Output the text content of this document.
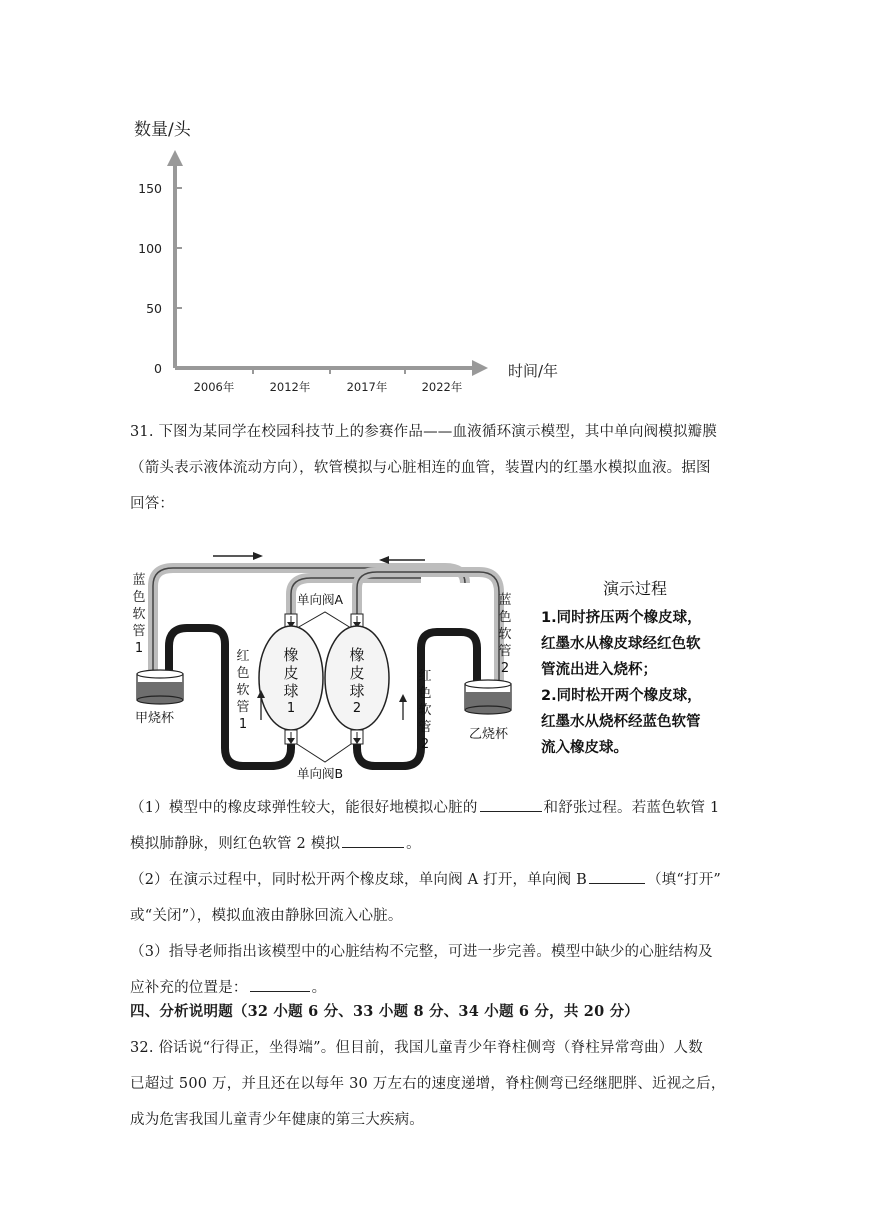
数量/头
150
100
50
0
2006年	2012年	2017年	2022年
时间/年
31. 下图为某同学在校园科技节上的参赛作品——血液循环演示模型，其中单向阀模拟瓣膜
（箭头表示液体流动方向），软管模拟与心脏相连的血管，装置内的红墨水模拟血液。据图
回答：
单向阀A
橡
皮
球
1
橡
皮
球
2
单向阀B
甲烧杯
乙烧杯
蓝
色
软
管
1
蓝
色
软
管
2
红
色
软
管
1
红
色
软
管
2
演示过程
1.同时挤压两个橡皮球，
红墨水从橡皮球经红色软
管流出进入烧杯；
2.同时松开两个橡皮球，
红墨水从烧杯经蓝色软管
流入橡皮球。
（1）模型中的橡皮球弹性较大，能很好地模拟心脏的	和舒张过程。若蓝色软管 1
模拟肺静脉，则红色软管 2 模拟	。
（2）在演示过程中，同时松开两个橡皮球，单向阀 A 打开，单向阀 B	（填“打开”
或“关闭”），模拟血液由静脉回流入心脏。
（3）指导老师指出该模型中的心脏结构不完整，可进一步完善。模型中缺少的心脏结构及
应补充的位置是：	。
四、分析说明题（32 小题 6 分、33 小题 8 分、34 小题 6 分，共 20 分）
32. 俗话说“行得正，坐得端”。但目前，我国儿童青少年脊柱侧弯（脊柱异常弯曲）人数
已超过 500 万，并且还在以每年 30 万左右的速度递增，脊柱侧弯已经继肥胖、近视之后，
成为危害我国儿童青少年健康的第三大疾病。
